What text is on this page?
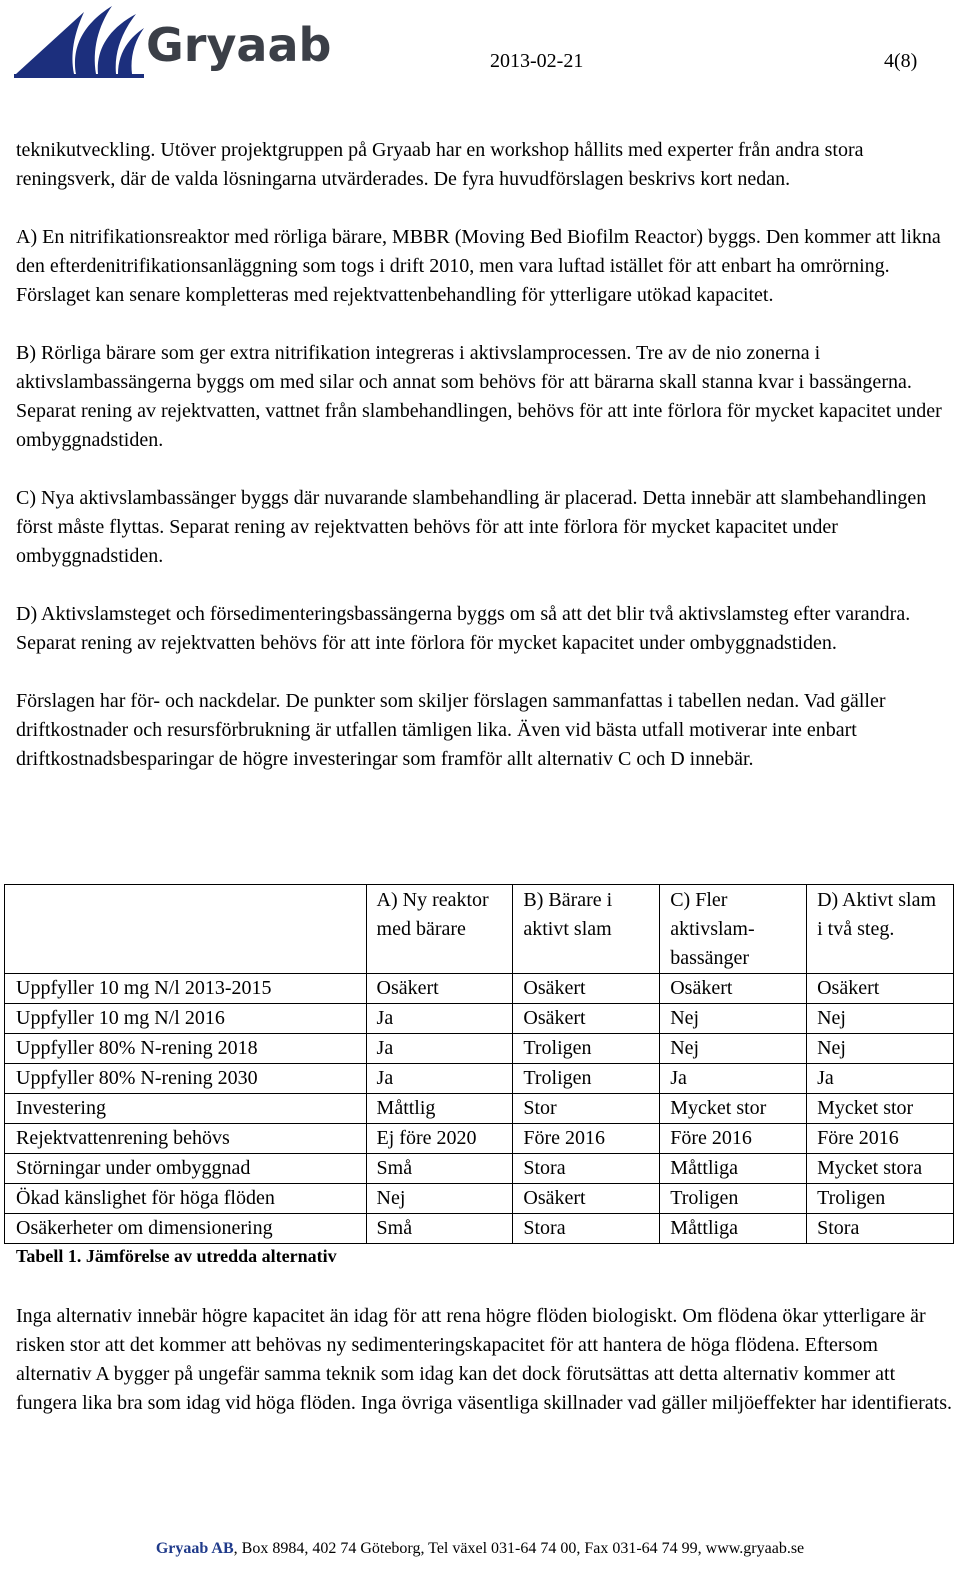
Gryaab	2013-02-21	4(8)

teknikutveckling. Utöver projektgruppen på Gryaab har en workshop hållits med experter från andra stora reningsverk, där de valda lösningarna utvärderades. De fyra huvudförslagen beskrivs kort nedan.

A) En nitrifikationsreaktor med rörliga bärare, MBBR (Moving Bed Biofilm Reactor) byggs. Den kommer att likna den efterdenitrifikationsanläggning som togs i drift 2010, men vara luftad istället för att enbart ha omrörning. Förslaget kan senare kompletteras med rejektvattenbehandling för ytterligare utökad kapacitet.

B) Rörliga bärare som ger extra nitrifikation integreras i aktivslamprocessen. Tre av de nio zonerna i aktivslambassängerna byggs om med silar och annat som behövs för att bärarna skall stanna kvar i bassängerna. Separat rening av rejektvatten, vattnet från slambehandlingen, behövs för att inte förlora för mycket kapacitet under ombyggnadstiden.

C) Nya aktivslambassänger byggs där nuvarande slambehandling är placerad. Detta innebär att slambehandlingen först måste flyttas. Separat rening av rejektvatten behövs för att inte förlora för mycket kapacitet under ombyggnadstiden.

D) Aktivslamsteget och försedimenteringsbassängerna byggs om så att det blir två aktivslamsteg efter varandra. Separat rening av rejektvatten behövs för att inte förlora för mycket kapacitet under ombyggnadstiden.

Förslagen har för- och nackdelar. De punkter som skiljer förslagen sammanfattas i tabellen nedan. Vad gäller driftkostnader och resursförbrukning är utfallen tämligen lika. Även vid bästa utfall motiverar inte enbart driftkostnadsbesparingar de högre investeringar som framför allt alternativ C och D innebär.

	A) Ny reaktor med bärare	B) Bärare i aktivt slam	C) Fler aktivslam-bassänger	D) Aktivt slam i två steg.
Uppfyller 10 mg N/l 2013-2015	Osäkert	Osäkert	Osäkert	Osäkert
Uppfyller 10 mg N/l 2016	Ja	Osäkert	Nej	Nej
Uppfyller 80% N-rening 2018	Ja	Troligen	Nej	Nej
Uppfyller 80% N-rening 2030	Ja	Troligen	Ja	Ja
Investering	Måttlig	Stor	Mycket stor	Mycket stor
Rejektvattenrening behövs	Ej före 2020	Före 2016	Före 2016	Före 2016
Störningar under ombyggnad	Små	Stora	Måttliga	Mycket stora
Ökad känslighet för höga flöden	Nej	Osäkert	Troligen	Troligen
Osäkerheter om dimensionering	Små	Stora	Måttliga	Stora
Tabell 1. Jämförelse av utredda alternativ

Inga alternativ innebär högre kapacitet än idag för att rena högre flöden biologiskt. Om flödena ökar ytterligare är risken stor att det kommer att behövas ny sedimenteringskapacitet för att hantera de höga flödena. Eftersom alternativ A bygger på ungefär samma teknik som idag kan det dock förutsättas att detta alternativ kommer att fungera lika bra som idag vid höga flöden. Inga övriga väsentliga skillnader vad gäller miljöeffekter har identifierats.

Gryaab AB, Box 8984, 402 74 Göteborg, Tel växel 031-64 74 00, Fax 031-64 74 99, www.gryaab.se
